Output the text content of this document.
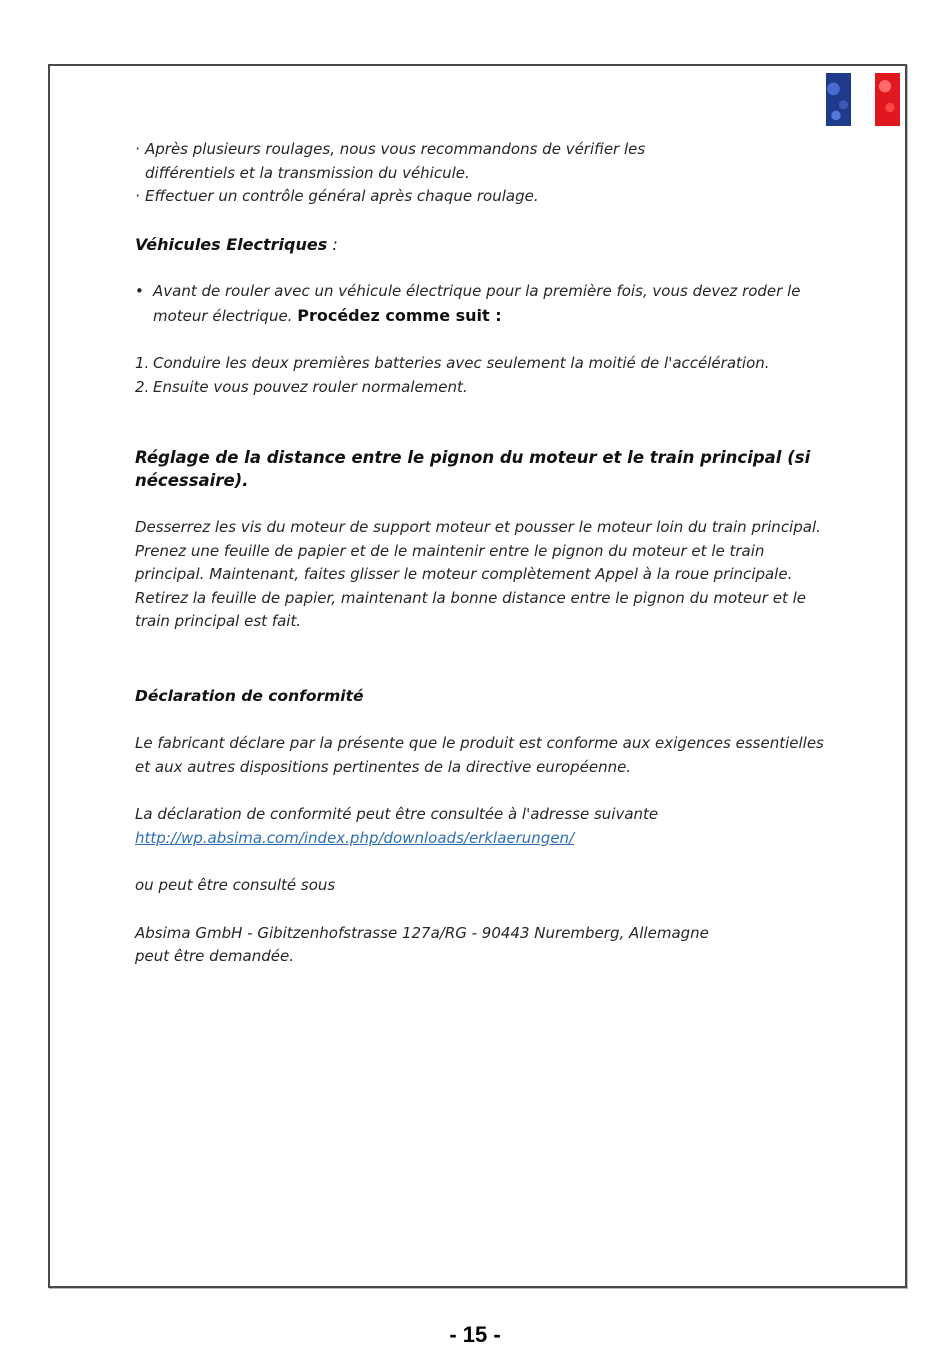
· Après plusieurs roulages, nous vous recommandons de vérifier les
différentiels et la transmission du véhicule.
· Effectuer un contrôle général après chaque roulage.
Véhicules Electriques :
• Avant de rouler avec un véhicule électrique pour la première fois, vous devez roder le moteur électrique. Procédez comme suit :
1. Conduire les deux premières batteries avec seulement la moitié de l'accélération.
2. Ensuite vous pouvez rouler normalement.
Réglage de la distance entre le pignon du moteur et le train principal (si nécessaire).
Desserrez les vis du moteur de support moteur et pousser le moteur loin du train principal. Prenez une feuille de papier et de le maintenir entre le pignon du moteur et le train principal. Maintenant, faites glisser le moteur complètement Appel à la roue principale. Retirez la feuille de papier, maintenant la bonne distance entre le pignon du moteur et le train principal est fait.
Déclaration de conformité
Le fabricant déclare par la présente que le produit est conforme aux exigences essentielles et aux autres dispositions pertinentes de la directive européenne.
La déclaration de conformité peut être consultée à l'adresse suivante
http://wp.absima.com/index.php/downloads/erklaerungen/
ou peut être consulté sous
Absima GmbH - Gibitzenhofstrasse 127a/RG - 90443 Nuremberg, Allemagne
peut être demandée.
- 15 -
